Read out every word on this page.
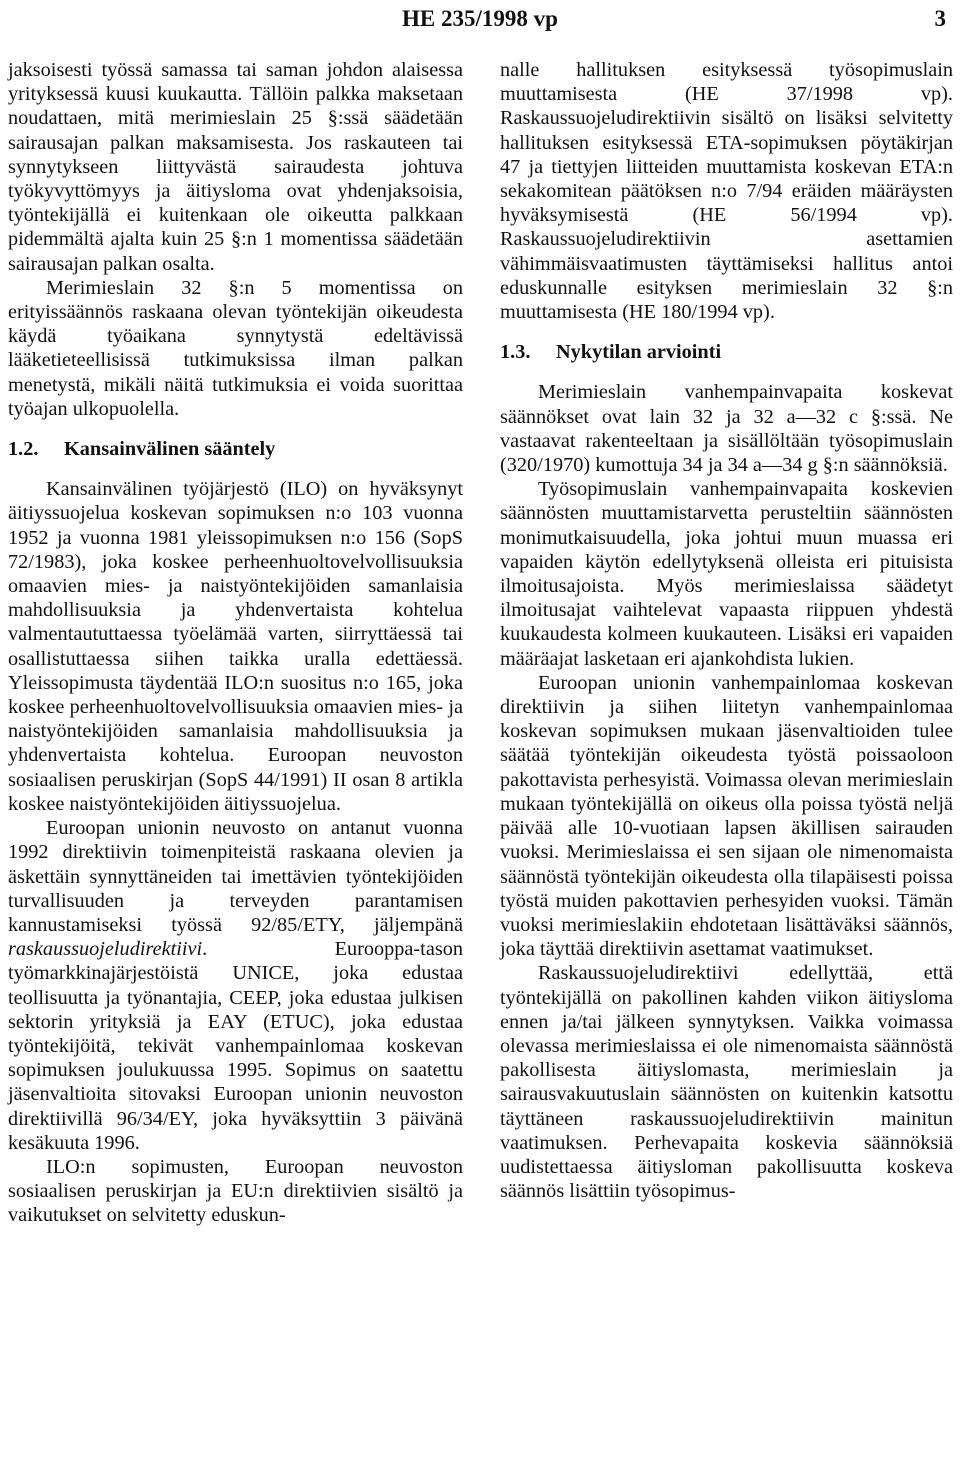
HE 235/1998 vp	3

jaksoisesti työssä samassa tai saman johdon alaisessa yrityksessä kuusi kuukautta. Tällöin palkka maksetaan noudattaen, mitä merimieslain 25 §:ssä säädetään sairausajan palkan maksamisesta. Jos raskauteen tai synnytykseen liittyvästä sairaudesta johtuva työkyvyttömyys ja äitiysloma ovat yhdenjaksoisia, työntekijällä ei kuitenkaan ole oikeutta palkkaan pidemmältä ajalta kuin 25 §:n 1 momentissa säädetään sairausajan palkan osalta.

Merimieslain 32 §:n 5 momentissa on erityissäännös raskaana olevan työntekijän oikeudesta käydä työaikana synnytystä edeltävissä lääketieteellisissä tutkimuksissa ilman palkan menetystä, mikäli näitä tutkimuksia ei voida suorittaa työajan ulkopuolella.

1.2. Kansainvälinen sääntely

Kansainvälinen työjärjestö (ILO) on hyväksynyt äitiyssuojelua koskevan sopimuksen n:o 103 vuonna 1952 ja vuonna 1981 yleissopimuksen n:o 156 (SopS 72/1983), joka koskee perheenhuoltovelvollisuuksia omaavien mies- ja naistyöntekijöiden samanlaisia mahdollisuuksia ja yhdenvertaista kohtelua valmentaututtaessa työelämää varten, siirryttäessä tai osallistuttaessa siihen taikka uralla edettäessä. Yleissopimusta täydentää ILO:n suositus n:o 165, joka koskee perheenhuoltovelvollisuuksia omaavien mies- ja naistyöntekijöiden samanlaisia mahdollisuuksia ja yhdenvertaista kohtelua. Euroopan neuvoston sosiaalisen peruskirjan (SopS 44/1991) II osan 8 artikla koskee naistyöntekijöiden äitiyssuojelua.

Euroopan unionin neuvosto on antanut vuonna 1992 direktiivin toimenpiteistä raskaana olevien ja äskettäin synnyttäneiden tai imettävien työntekijöiden turvallisuuden ja terveyden parantamisen kannustamiseksi työssä 92/85/ETY, jäljempänä raskaussuojeludirektiivi. Eurooppa-tason työmarkkinajärjestöistä UNICE, joka edustaa teollisuutta ja työnantajia, CEEP, joka edustaa julkisen sektorin yrityksiä ja EAY (ETUC), joka edustaa työntekijöitä, tekivät vanhempainlomaa koskevan sopimuksen joulukuussa 1995. Sopimus on saatettu jäsenvaltioita sitovaksi Euroopan unionin neuvoston direktiivillä 96/34/EY, joka hyväksyttiin 3 päivänä kesäkuuta 1996.

ILO:n sopimusten, Euroopan neuvoston sosiaalisen peruskirjan ja EU:n direktiivien sisältö ja vaikutukset on selvitetty eduskun-

nalle hallituksen esityksessä työsopimuslain muuttamisesta (HE 37/1998 vp). Raskaussuojeludirektiivin sisältö on lisäksi selvitetty hallituksen esityksessä ETA-sopimuksen pöytäkirjan 47 ja tiettyjen liitteiden muuttamista koskevan ETA:n sekakomitean päätöksen n:o 7/94 eräiden määräysten hyväksymisestä (HE 56/1994 vp). Raskaussuojeludirektiivin asettamien vähimmäisvaatimusten täyttämiseksi hallitus antoi eduskunnalle esityksen merimieslain 32 §:n muuttamisesta (HE 180/1994 vp).

1.3. Nykytilan arviointi

Merimieslain vanhempainvapaita koskevat säännökset ovat lain 32 ja 32 a—32 c §:ssä. Ne vastaavat rakenteeltaan ja sisällöltään työsopimuslain (320/1970) kumottuja 34 ja 34 a—34 g §:n säännöksiä.

Työsopimuslain vanhempainvapaita koskevien säännösten muuttamistarvetta perusteltiin säännösten monimutkaisuudella, joka johtui muun muassa eri vapaiden käytön edellytyksenä olleista eri pituisista ilmoitusajoista. Myös merimieslaissa säädetyt ilmoitusajat vaihtelevat vapaasta riippuen yhdestä kuukaudesta kolmeen kuukauteen. Lisäksi eri vapaiden määräajat lasketaan eri ajankohdista lukien.

Euroopan unionin vanhempainlomaa koskevan direktiivin ja siihen liitetyn vanhempainlomaa koskevan sopimuksen mukaan jäsenvaltioiden tulee säätää työntekijän oikeudesta työstä poissaoloon pakottavista perhesyistä. Voimassa olevan merimieslain mukaan työntekijällä on oikeus olla poissa työstä neljä päivää alle 10-vuotiaan lapsen äkillisen sairauden vuoksi. Merimieslaissa ei sen sijaan ole nimenomaista säännöstä työntekijän oikeudesta olla tilapäisesti poissa työstä muiden pakottavien perhesyiden vuoksi. Tämän vuoksi merimieslakiin ehdotetaan lisättäväksi säännös, joka täyttää direktiivin asettamat vaatimukset.

Raskaussuojeludirektiivi edellyttää, että työntekijällä on pakollinen kahden viikon äitiysloma ennen ja/tai jälkeen synnytyksen. Vaikka voimassa olevassa merimieslaissa ei ole nimenomaista säännöstä pakollisesta äitiyslomasta, merimieslain ja sairausvakuutuslain säännösten on kuitenkin katsottu täyttäneen raskaussuojeludirektiivin mainitun vaatimuksen. Perhevapaita koskevia säännöksiä uudistettaessa äitiysloman pakollisuutta koskeva säännös lisättiin työsopimus-
